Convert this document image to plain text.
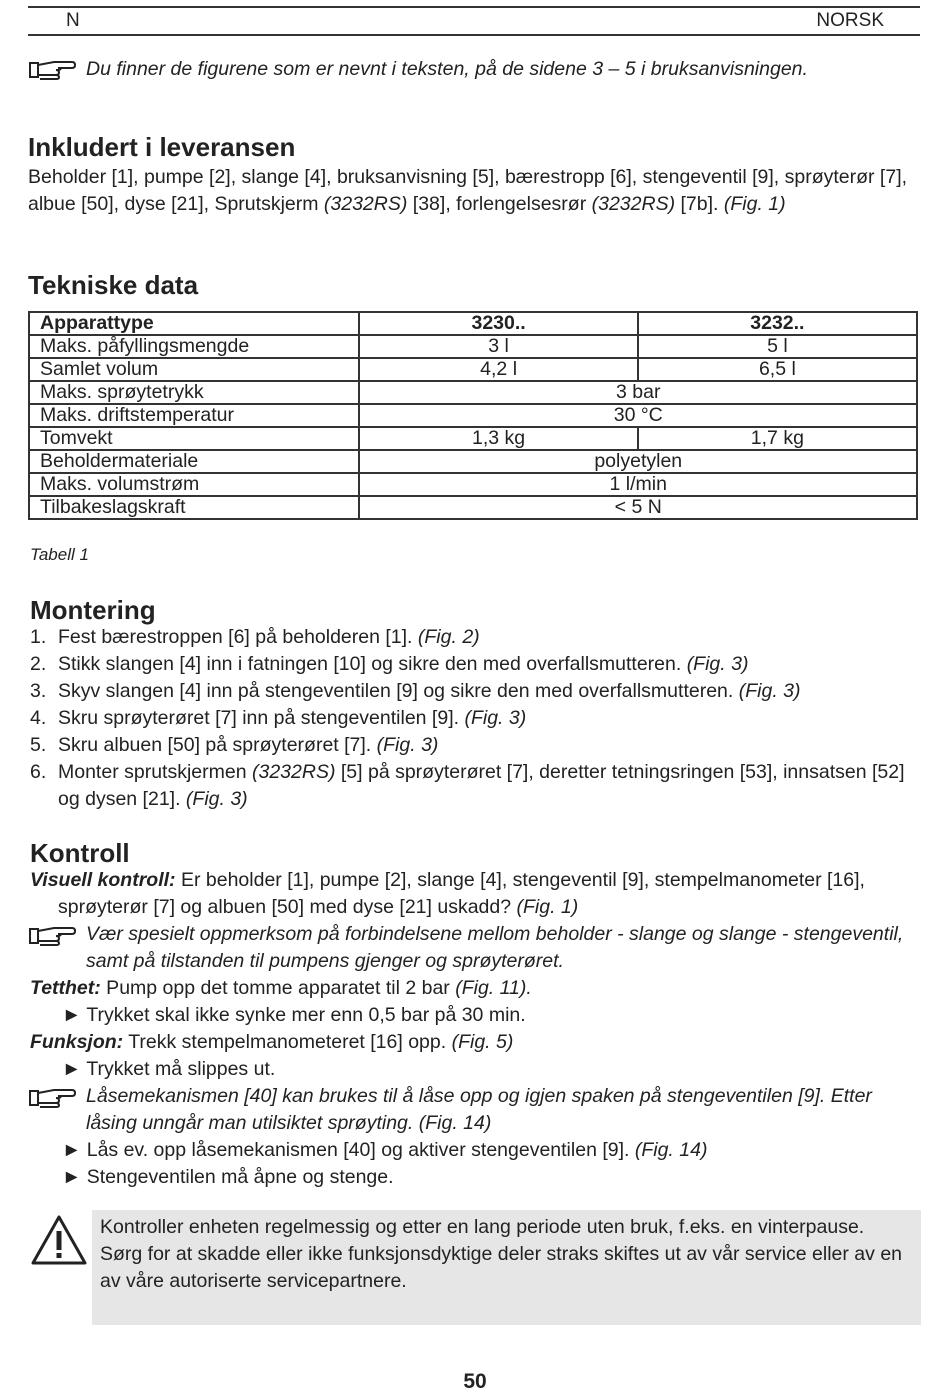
N	NORSK
Du finner de figurene som er nevnt i teksten, på de sidene 3 – 5 i bruksanvisningen.
Inkludert i leveransen

Beholder [1], pumpe [2], slange [4], bruksanvisning [5], bærestropp [6], stengeventil [9], sprøyterør [7], albue [50], dyse [21], Sprutskjerm (3232RS) [38], forlengelsesrør (3232RS) [7b]. (Fig. 1)

Tekniske data
Apparattype	3230..	3232..
Maks. påfyllingsmengde	3 l	5 l
Samlet volum	4,2 l	6,5 l
Maks. sprøytetrykk	3 bar	
Maks. driftstemperatur	30 °C	
Tomvekt	1,3 kg	1,7 kg
Beholdermateriale	polyetylen	
Maks. volumstrøm	1 l/min	
Tilbakeslagskraft	< 5 N	
Tabell 1
Montering
1. Fest bærestroppen [6] på beholderen [1]. (Fig. 2)
2. Stikk slangen [4] inn i fatningen [10] og sikre den med overfallsmutteren. (Fig. 3)
3. Skyv slangen [4] inn på stengeventilen [9] og sikre den med overfallsmutteren. (Fig. 3)
4. Skru sprøyterøret [7] inn på stengeventilen [9]. (Fig. 3)
5. Skru albuen [50] på sprøyterøret [7]. (Fig. 3)
6. Monter sprutskjermen (3232RS) [5] på sprøyterøret [7], deretter tetningsringen [53], innsatsen [52] og dysen [21]. (Fig. 3)
Kontroll
Visuell kontroll: Er beholder [1], pumpe [2], slange [4], stengeventil [9], stempelmanometer [16], sprøyterør [7] og albuen [50] med dyse [21] uskadd? (Fig. 1)
Vær spesielt oppmerksom på forbindelsene mellom beholder - slange og slange - stengeventil, samt på tilstanden til pumpens gjenger og sprøyterøret.
Tetthet: Pump opp det tomme apparatet til 2 bar (Fig. 11).
► Trykket skal ikke synke mer enn 0,5 bar på 30 min.
Funksjon: Trekk stempelmanometeret [16] opp. (Fig. 5)
► Trykket må slippes ut.
Låsemekanismen [40] kan brukes til å låse opp og igjen spaken på stengeventilen [9]. Etter låsing unngår man utilsiktet sprøyting. (Fig. 14)
► Lås ev. opp låsemekanismen [40] og aktiver stengeventilen [9]. (Fig. 14)
► Stengeventilen må åpne og stenge.
Kontroller enheten regelmessig og etter en lang periode uten bruk, f.eks. en vinterpause.
Sørg for at skadde eller ikke funksjonsdyktige deler straks skiftes ut av vår service eller av en av våre autoriserte servicepartnere.
50
